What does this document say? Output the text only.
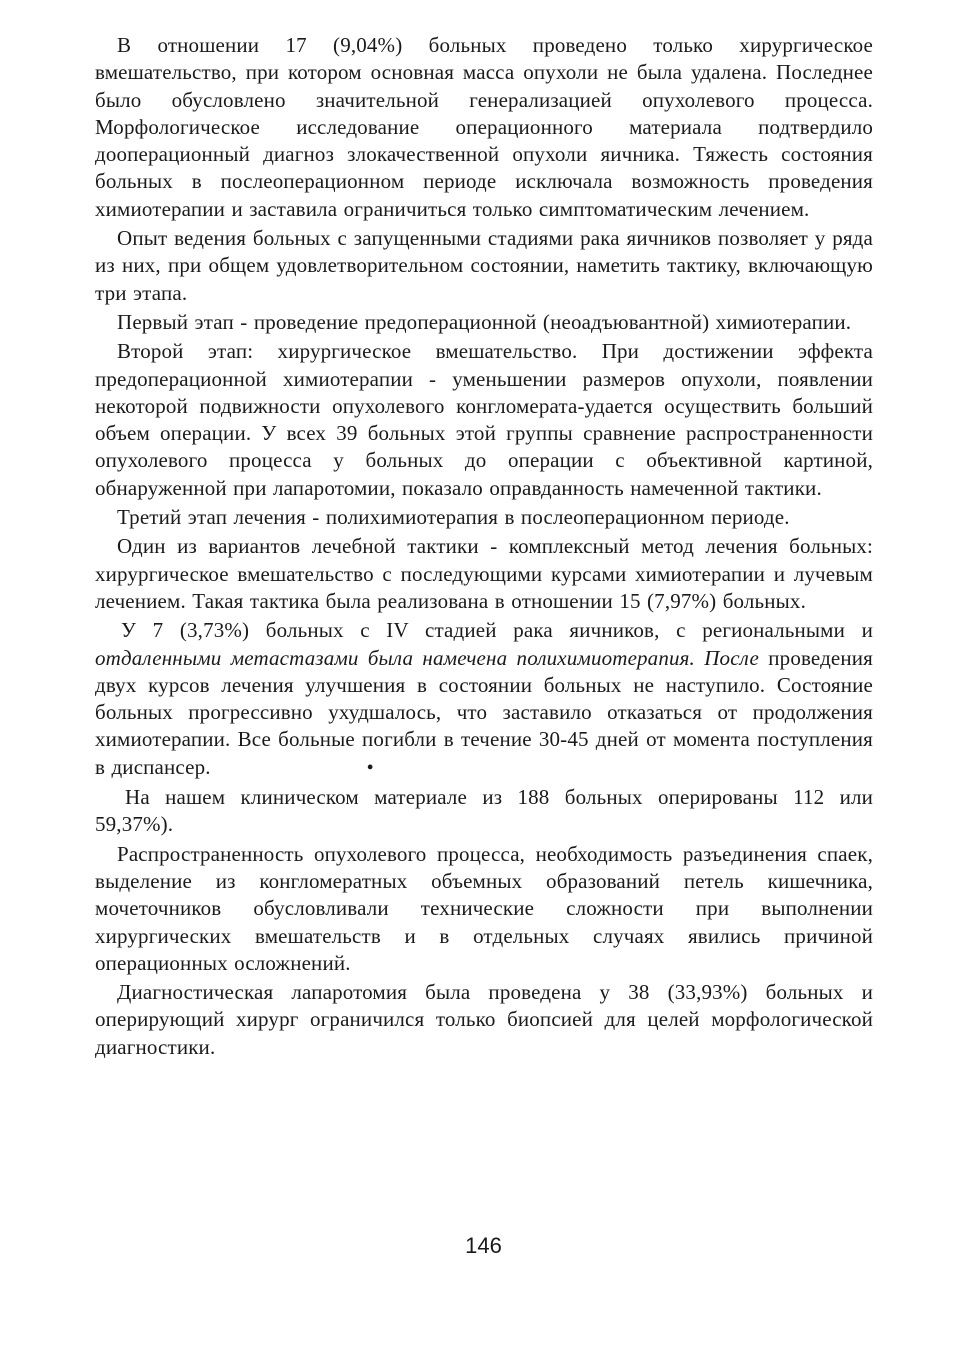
В отношении 17 (9,04%) больных проведено только хирургическое вмешательство, при котором основная масса опухоли не была удалена. Последнее было обусловлено значительной генерализацией опухолевого процесса. Морфологическое исследование операционного материала подтвердило дооперационный диагноз злокачественной опухоли яичника. Тяжесть состояния больных в послеоперационном периоде исключала возможность проведения химиотерапии и заставила ограничиться только симптоматическим лечением.

Опыт ведения больных с запущенными стадиями рака яичников позволяет у ряда из них, при общем удовлетворительном состоянии, наметить тактику, включающую три этапа.

Первый этап - проведение предоперационной (неоадъювантной) химиотерапии.

Второй этап: хирургическое вмешательство. При достижении эффекта предоперационной химиотерапии - уменьшении размеров опухоли, появлении некоторой подвижности опухолевого конгломерата-удается осуществить больший объем операции. У всех 39 больных этой группы сравнение распространенности опухолевого процесса у больных до операции с объективной картиной, обнаруженной при лапаротомии, показало оправданность намеченной тактики.

Третий этап лечения - полихимиотерапия в послеоперационном периоде.

Один из вариантов лечебной тактики - комплексный метод лечения больных: хирургическое вмешательство с последующими курсами химиотерапии и лучевым лечением. Такая тактика была реализована в отношении 15 (7,97%) больных.

У 7 (3,73%) больных с IV стадией рака яичников, с региональными и отдаленными метастазами была намечена полихимиотерапия. После проведения двух курсов лечения улучшения в состоянии больных не наступило. Состояние больных прогрессивно ухудшалось, что заставило отказаться от продолжения химиотерапии. Все больные погибли в течение 30-45 дней от момента поступления в диспансер.	•

На нашем клиническом материале из 188 больных оперированы 112 или 59,37%).

Распространенность опухолевого процесса, необходимость разъединения спаек, выделение из конгломератных объемных образований петель кишечника, мочеточников обусловливали технические сложности при выполнении хирургических вмешательств и в отдельных случаях явились причиной операционных осложнений.

Диагностическая лапаротомия была проведена у 38 (33,93%) больных и оперирующий хирург ограничился только биопсией для целей морфологической диагностики.

146
